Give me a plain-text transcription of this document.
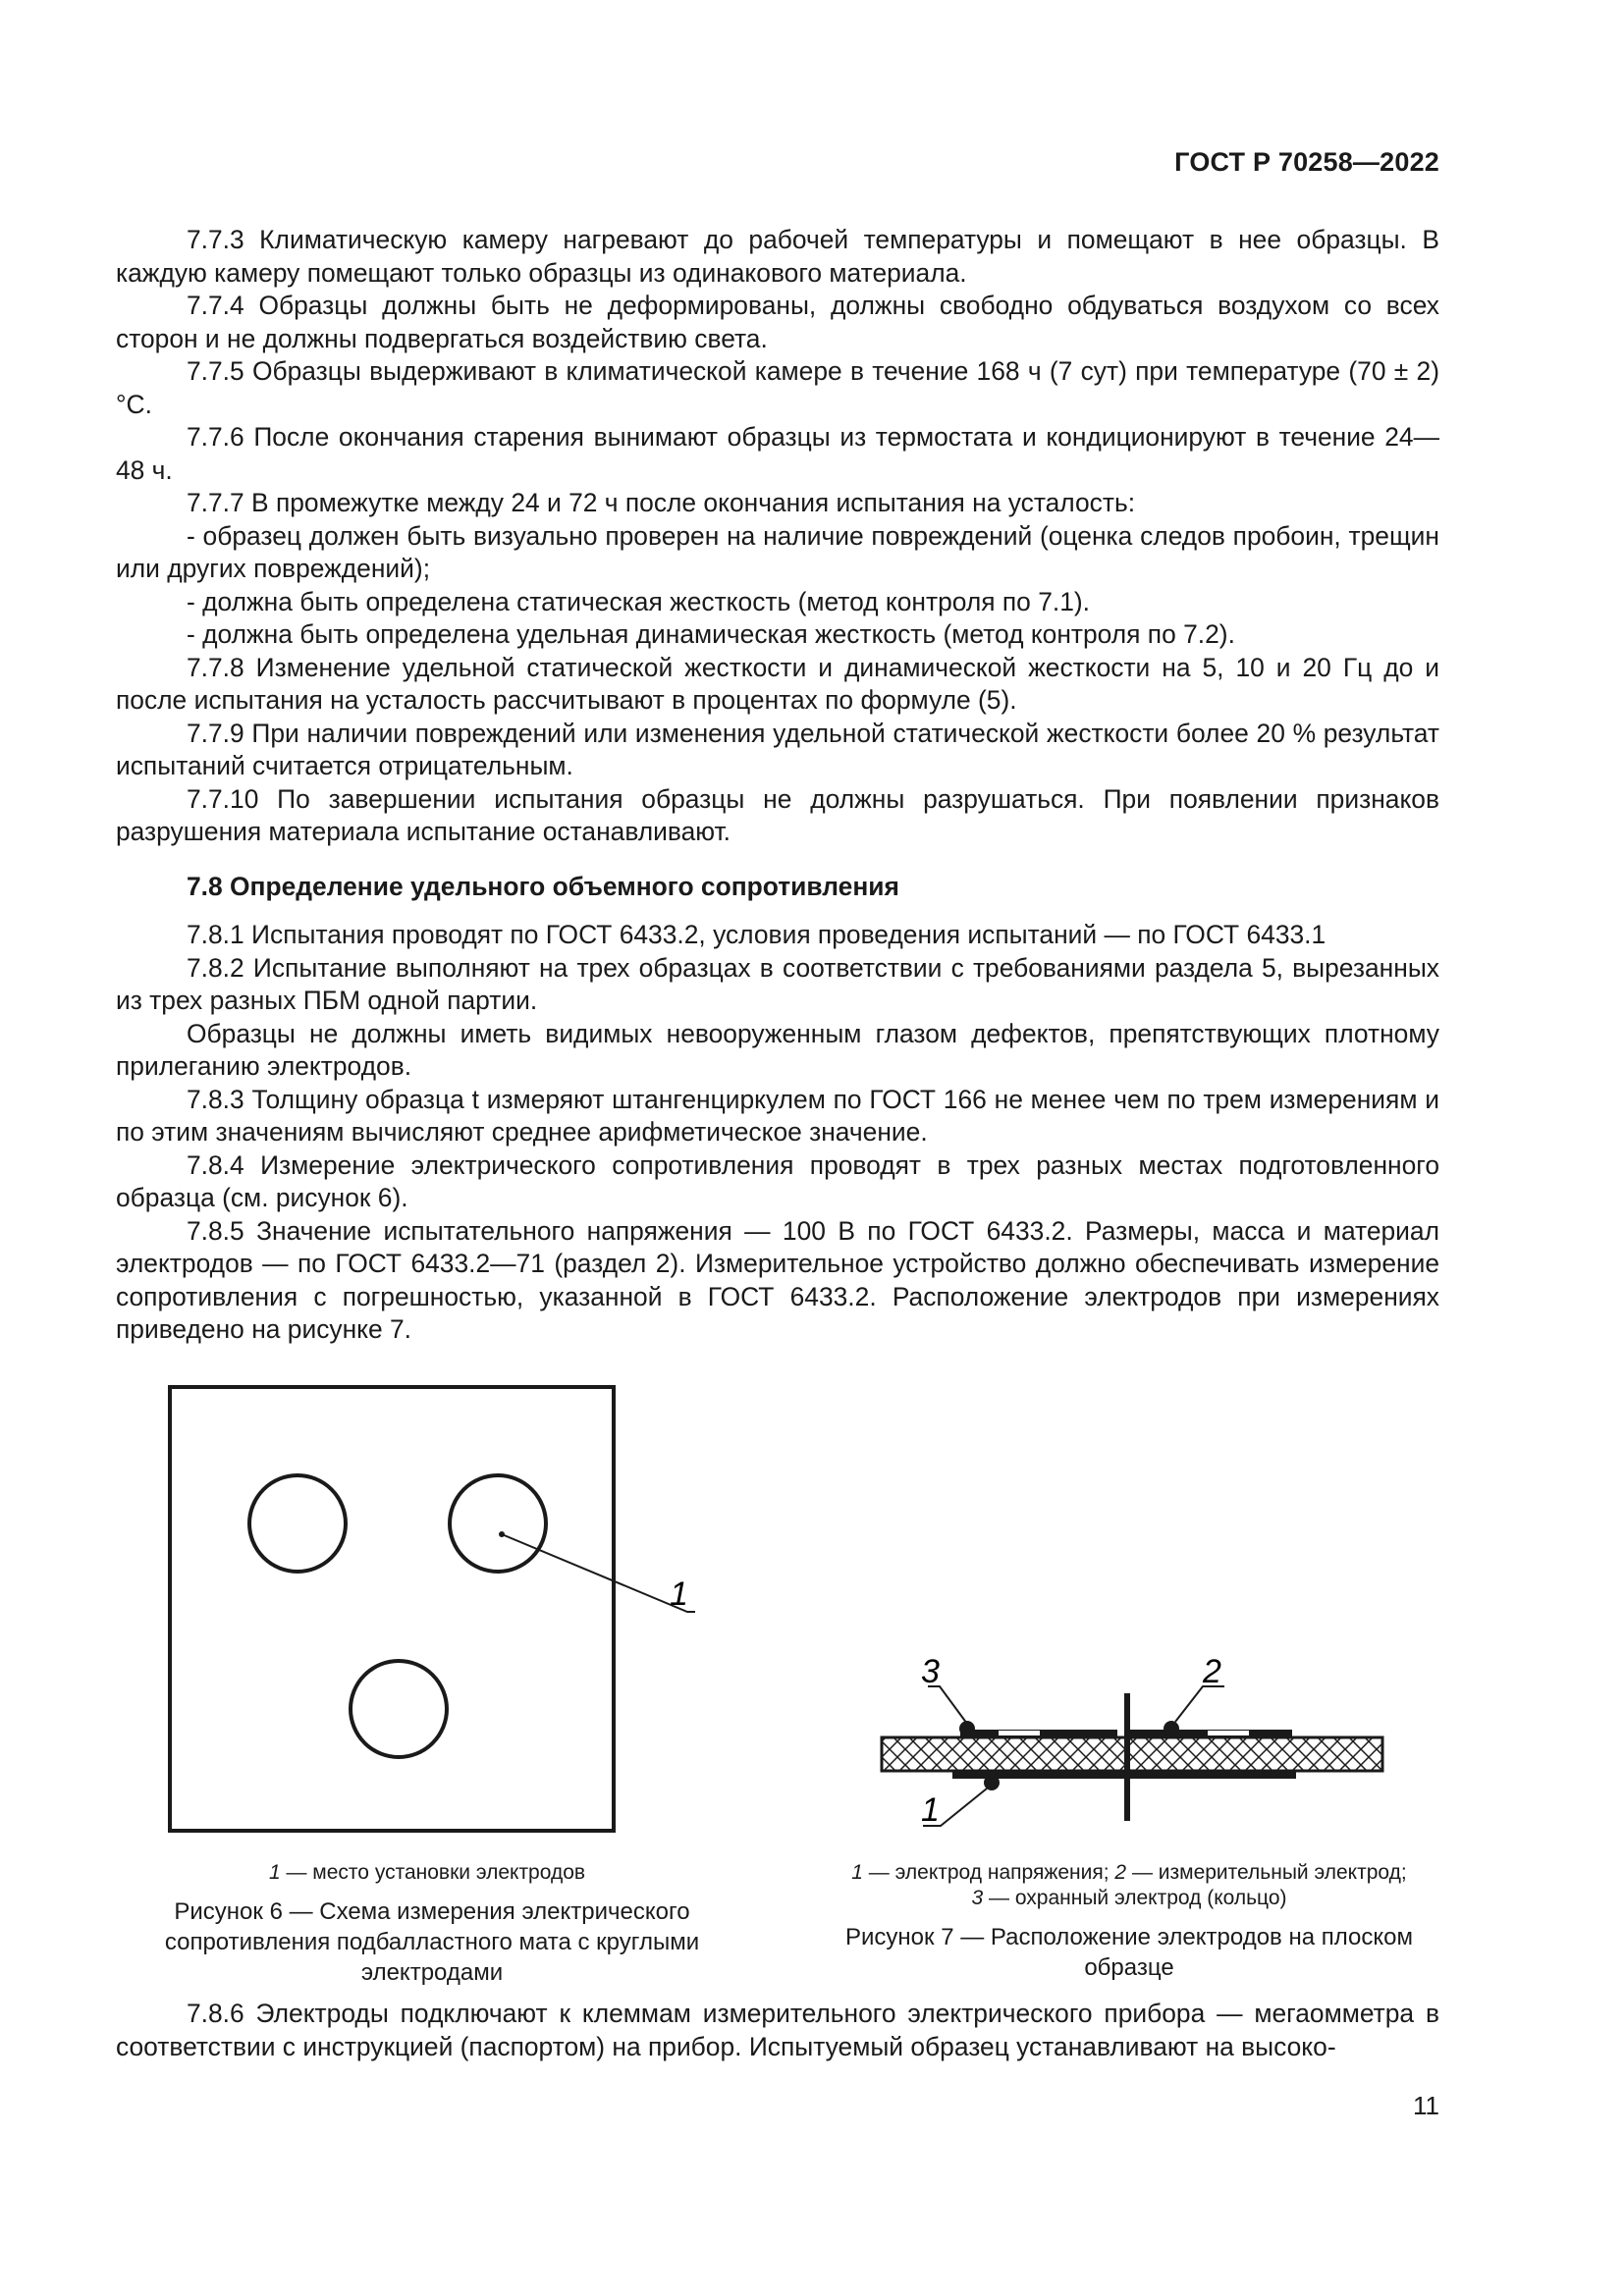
ГОСТ Р 70258—2022

7.7.3 Климатическую камеру нагревают до рабочей температуры и помещают в нее образцы. В каждую камеру помещают только образцы из одинакового материала.

7.7.4 Образцы должны быть не деформированы, должны свободно обдуваться воздухом со всех сторон и не должны подвергаться воздействию света.

7.7.5 Образцы выдерживают в климатической камере в течение 168 ч (7 сут) при температуре (70 ± 2) °С.

7.7.6 После окончания старения вынимают образцы из термостата и кондиционируют в течение 24—48 ч.

7.7.7 В промежутке между 24 и 72 ч после окончания испытания на усталость:

- образец должен быть визуально проверен на наличие повреждений (оценка следов пробоин, трещин или других повреждений);

- должна быть определена статическая жесткость (метод контроля по 7.1).

- должна быть определена удельная динамическая жесткость (метод контроля по 7.2).

7.7.8 Изменение удельной статической жесткости и динамической жесткости на 5, 10 и 20 Гц до и после испытания на усталость рассчитывают в процентах по формуле (5).

7.7.9 При наличии повреждений или изменения удельной статической жесткости более 20 % результат испытаний считается отрицательным.

7.7.10 По завершении испытания образцы не должны разрушаться. При появлении признаков разрушения материала испытание останавливают.

7.8 Определение удельного объемного сопротивления

7.8.1 Испытания проводят по ГОСТ 6433.2, условия проведения испытаний — по ГОСТ 6433.1

7.8.2 Испытание выполняют на трех образцах в соответствии с требованиями раздела 5, вырезанных из трех разных ПБМ одной партии.

Образцы не должны иметь видимых невооруженным глазом дефектов, препятствующих плотному прилеганию электродов.

7.8.3 Толщину образца t измеряют штангенциркулем по ГОСТ 166 не менее чем по трем измерениям и по этим значениям вычисляют среднее арифметическое значение.

7.8.4 Измерение электрического сопротивления проводят в трех разных местах подготовленного образца (см. рисунок 6).

7.8.5 Значение испытательного напряжения — 100 В по ГОСТ 6433.2. Размеры, масса и материал электродов — по ГОСТ 6433.2—71 (раздел 2). Измерительное устройство должно обеспечивать измерение сопротивления с погрешностью, указанной в ГОСТ 6433.2. Расположение электродов при измерениях приведено на рисунке 7.

1
1 — место установки электродов
Рисунок 6 — Схема измерения электрического сопротивления подбалластного мата с круглыми электродами
3	2
1
1 — электрод напряжения; 2 — измерительный электрод;
3 — охранный электрод (кольцо)
Рисунок 7 — Расположение электродов на плоском образце

7.8.6 Электроды подключают к клеммам измерительного электрического прибора — мегаомметра в соответствии с инструкцией (паспортом) на прибор. Испытуемый образец устанавливают на высоко-

11
